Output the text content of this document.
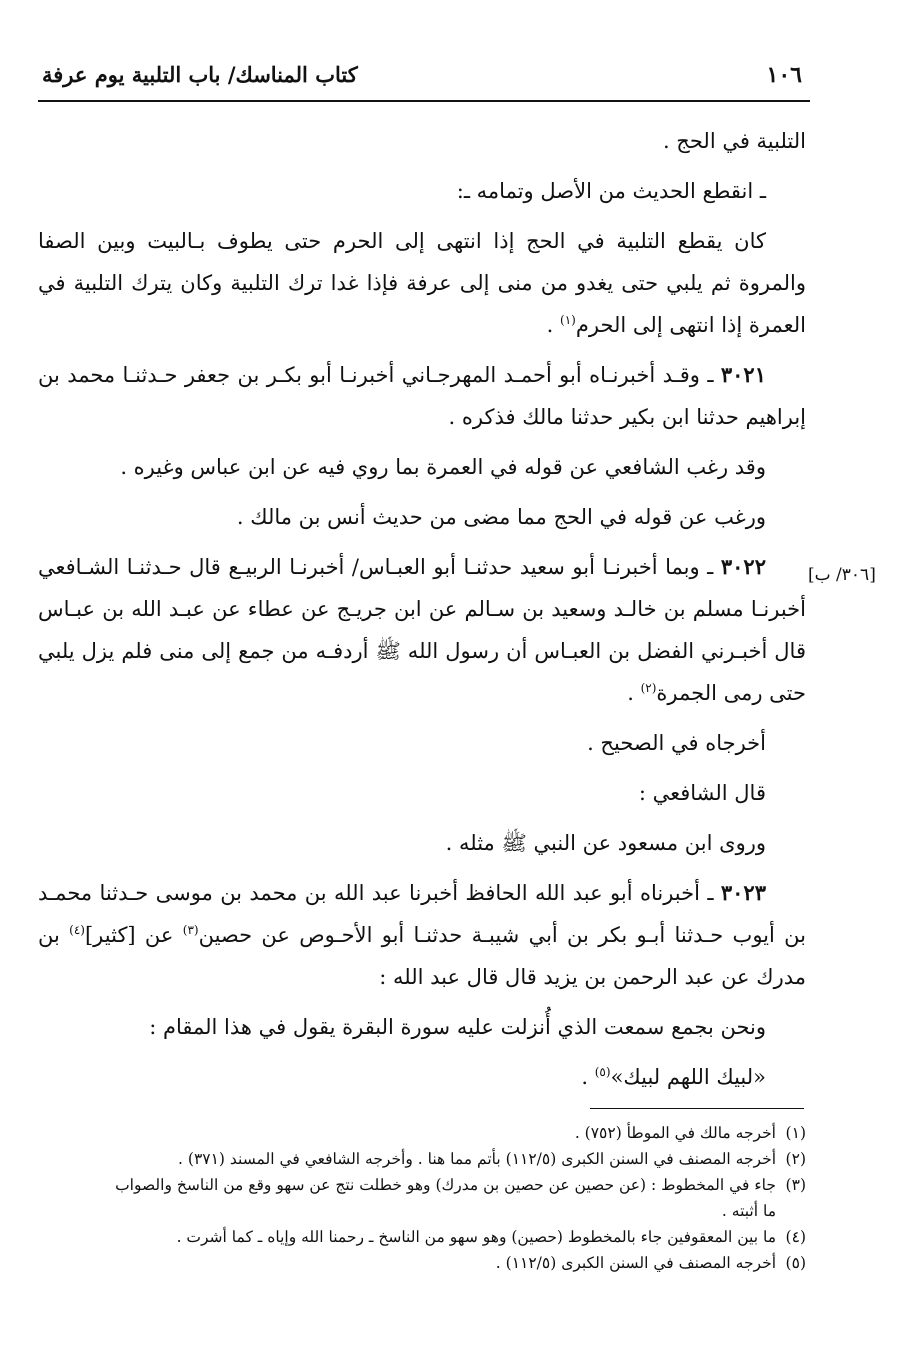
١٠٦
كتاب المناسك/ باب التلبية يوم عرفة
[٣٠٦/ ب]

التلبية في الحج .

ـ انقطع الحديث من الأصل وتمامه ـ:

كان يقطع التلبية في الحج إذا انتهى إلى الحرم حتى يطوف بـالبيت وبين الصفا والمروة ثم يلبي حتى يغدو من منى إلى عرفة فإذا غدا ترك التلبية وكان يترك التلبية في العمرة إذا انتهى إلى الحرم$^{(١)}$ .

٣٠٢١ ـ وقـد أخبرنـاه أبو أحمـد المهرجـاني أخبرنـا أبو بكـر بن جعفر حـدثنـا محمد بن إبراهيم حدثنا ابن بكير حدثنا مالك فذكره .

وقد رغب الشافعي عن قوله في العمرة بما روي فيه عن ابن عباس وغيره .

ورغب عن قوله في الحج مما مضى من حديث أنس بن مالك .

٣٠٢٢ ـ وبما أخبرنـا أبو سعيد حدثنـا أبو العبـاس/ أخبرنـا الربيـع قال حـدثنـا الشـافعي أخبرنـا مسلم بن خالـد وسعيد بن سـالم عن ابن جريـج عن عطاء عن عبـد الله بن عبـاس قال أخبـرني الفضل بن العبـاس أن رسول الله ﷺ أردفـه من جمع إلى منى فلم يزل يلبي حتى رمى الجمرة$^{(٢)}$ .

أخرجاه في الصحيح .

قال الشافعي :

وروى ابن مسعود عن النبي ﷺ مثله .

٣٠٢٣ ـ أخبرناه أبو عبد الله الحافظ أخبرنا عبد الله بن محمد بن موسى حـدثنا محمـد بن أيوب حـدثنا أبـو بكر بن أبي شيبـة حدثنـا أبو الأحـوص عن حصين$^{(٣)}$ عن [كثير]$^{(٤)}$ بن مدرك عن عبد الرحمن بن يزيد قال قال عبد الله :

ونحن بجمع سمعت الذي أُنزلت عليه سورة البقرة يقول في هذا المقام :

«لبيك اللهم لبيك»$^{(٥)}$ .

(١)أخرجه مالك في الموطأ (٧٥٢) .

(٢)أخرجه المصنف في السنن الكبرى (١١٢/٥) بأتم مما هنا . وأخرجه الشافعي في المسند (٣٧١) .

(٣)جاء في المخطوط : (عن حصين عن حصين بن مدرك) وهو خطلت نتج عن سهو وقع من الناسخ والصواب

ما أثبته .

(٤)ما بين المعقوفين جاء بالمخطوط (حصين) وهو سهو من الناسخ ـ رحمنا الله وإياه ـ كما أشرت .

(٥)أخرجه المصنف في السنن الكبرى (١١٢/٥) .
